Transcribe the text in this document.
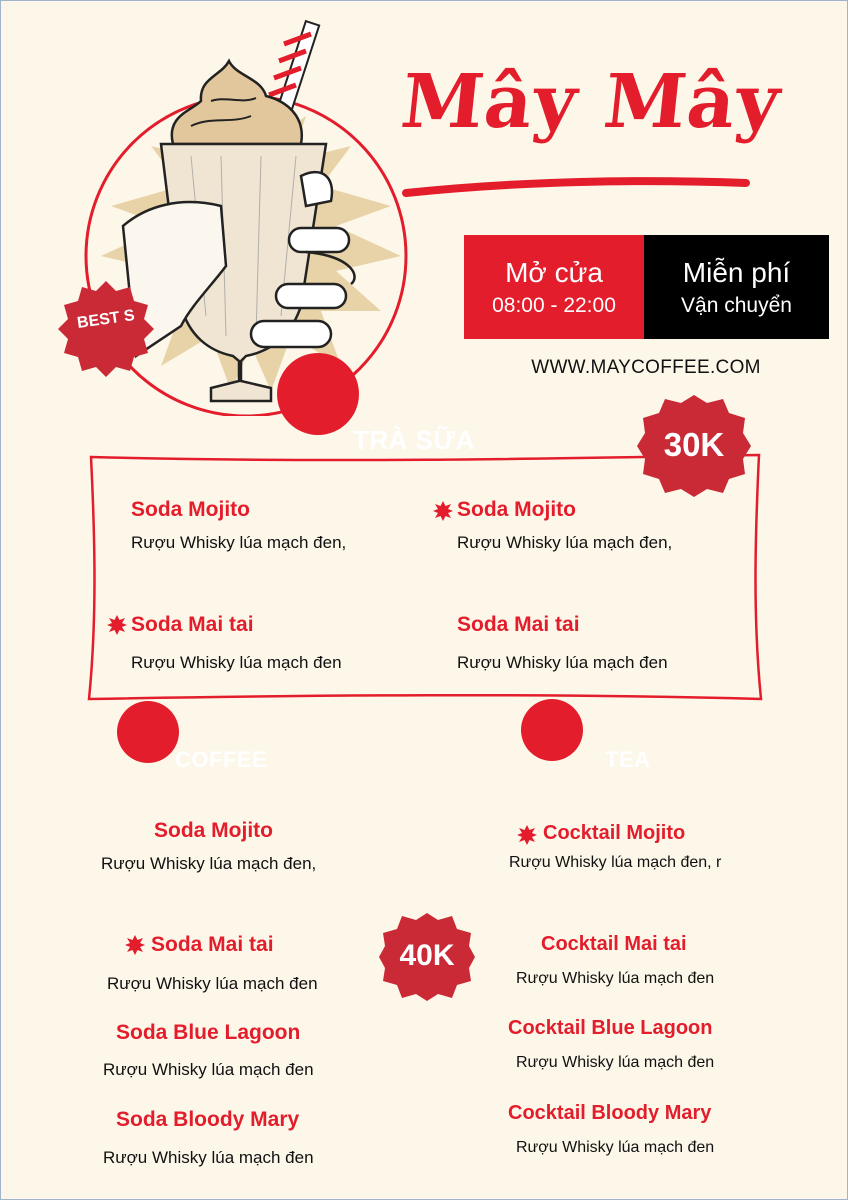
BEST S
Mây Mây
Mở cửa
08:00 - 22:00
Miễn phí
Vận chuyển
WWW.MAYCOFFEE.COM
TRÀ SỮA	30K
Soda Mojito
Rượu Whisky lúa mạch đen,
Soda Mojito
Rượu Whisky lúa mạch đen,
Soda Mai tai
Rượu Whisky lúa mạch đen
Soda Mai tai
Rượu Whisky lúa mạch đen
COFFEE
Soda Mojito
Rượu Whisky lúa mạch đen,
Soda Mai tai
Rượu Whisky lúa mạch đen
Soda Blue Lagoon
Rượu Whisky lúa mạch đen
Soda Bloody Mary
Rượu Whisky lúa mạch đen
40K
TEA
Cocktail Mojito
Rượu Whisky lúa mạch đen, r
Cocktail Mai tai
Rượu Whisky lúa mạch đen
Cocktail Blue Lagoon
Rượu Whisky lúa mạch đen
Cocktail Bloody Mary
Rượu Whisky lúa mạch đen
